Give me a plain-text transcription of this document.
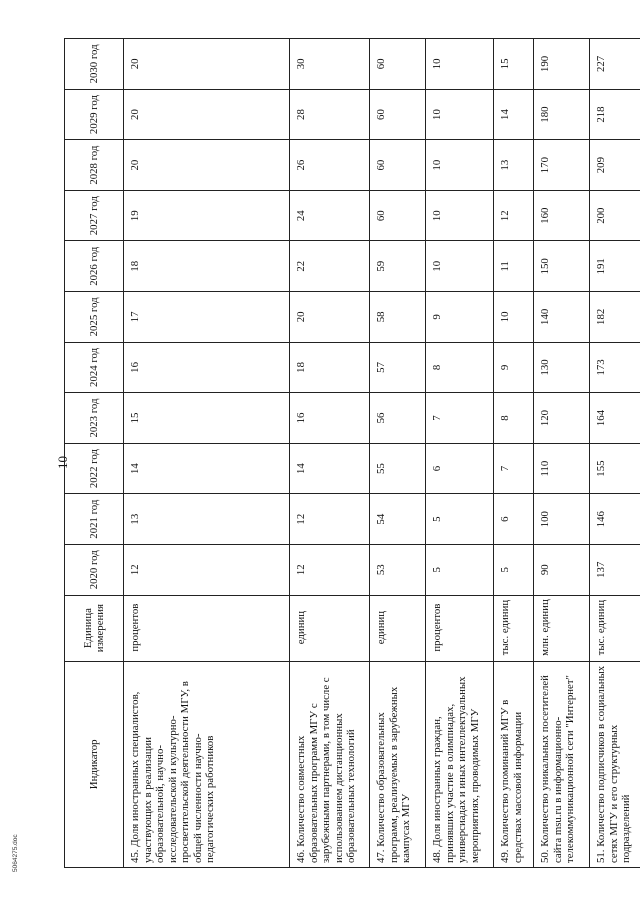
10
Индикатор	Единица измерения	2020 год	2021 год	2022 год	2023 год	2024 год	2025 год	2026 год	2027 год	2028 год	2029 год	2030 год
45. Доля иностранных специалистов, участвующих в реализации образовательной, научно-исследовательской и культурно-просветительской деятельности МГУ, в общей численности научно-педагогических работников	процентов	12	13	14	15	16	17	18	19	20	20	20
46. Количество совместных образовательных программ МГУ с зарубежными партнерами, в том числе с использованием дистанционных образовательных технологий	единиц	12	12	14	16	18	20	22	24	26	28	30
47. Количество образовательных программ, реализуемых в зарубежных кампусах МГУ	единиц	53	54	55	56	57	58	59	60	60	60	60
48. Доля иностранных граждан, принявших участие в олимпиадах, универсиадах и иных интеллектуальных мероприятиях, проводимых МГУ	процентов	5	5	6	7	8	9	10	10	10	10	10
49. Количество упоминаний МГУ в средствах массовой информации	тыс. единиц	5	6	7	8	9	10	11	12	13	14	15
50. Количество уникальных посетителей сайта msu.ru в информационно-телекоммуникационной сети "Интернет"	млн. единиц	90	100	110	120	130	140	150	160	170	180	190
51. Количество подписчиков в социальных сетях МГУ и его структурных подразделений	тыс. единиц	137	146	155	164	173	182	191	200	209	218	227
5064275.doc
